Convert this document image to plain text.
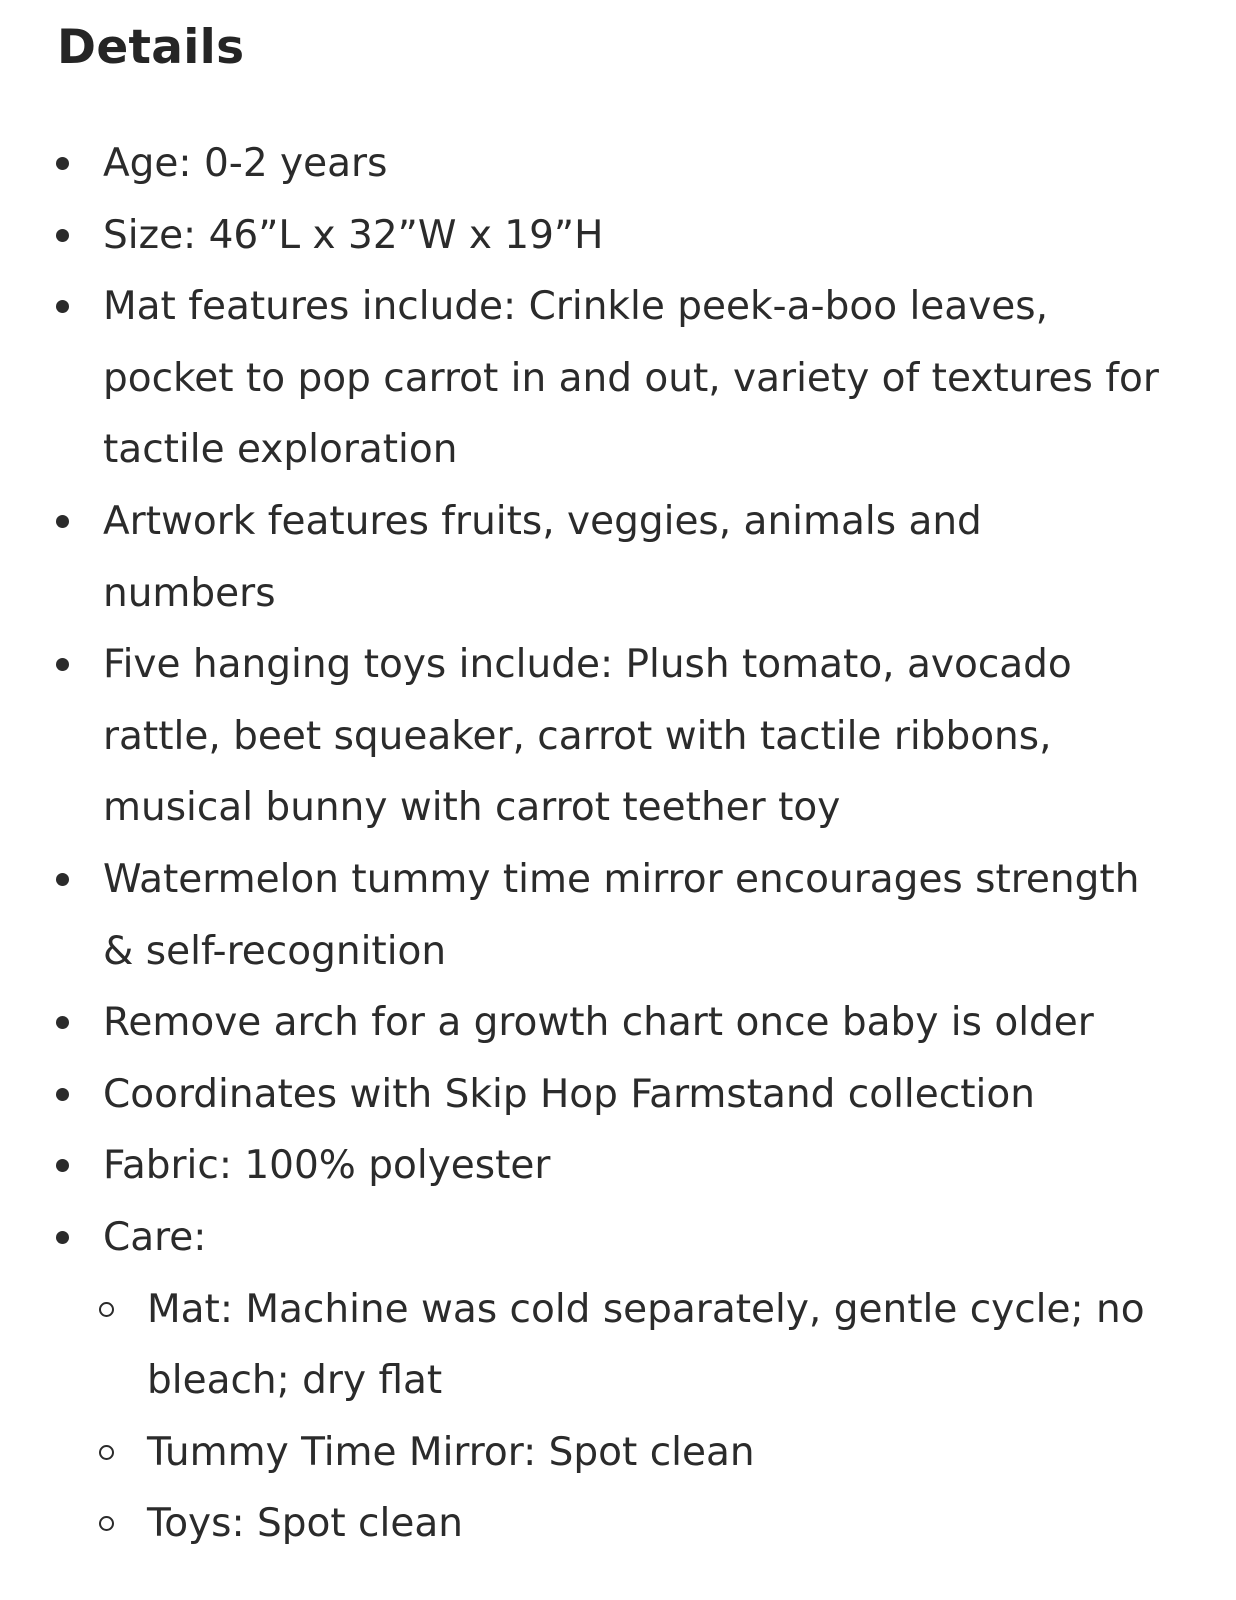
Details
Age: 0-2 years
Size: 46”L x 32”W x 19”H
Mat features include: Crinkle peek-a-boo leaves, pocket to pop carrot in and out, variety of textures for tactile exploration
Artwork features fruits, veggies, animals and numbers
Five hanging toys include: Plush tomato, avocado rattle, beet squeaker, carrot with tactile ribbons, musical bunny with carrot teether toy
Watermelon tummy time mirror encourages strength & self-recognition
Remove arch for a growth chart once baby is older
Coordinates with Skip Hop Farmstand collection
Fabric: 100% polyester
Care:
Mat: Machine was cold separately, gentle cycle; no bleach; dry flat
Tummy Time Mirror: Spot clean
Toys: Spot clean
